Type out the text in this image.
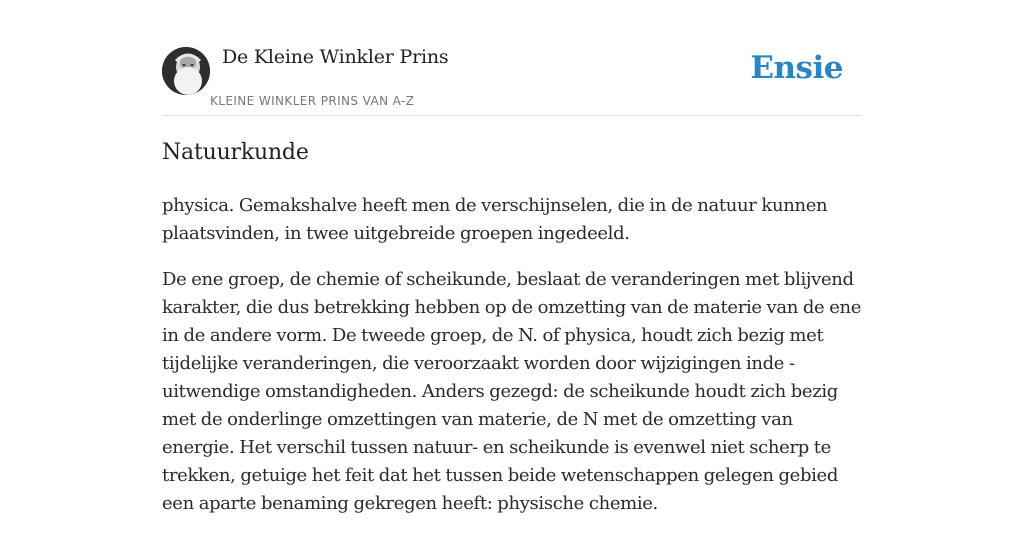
De Kleine Winkler Prins
KLEINE WINKLER PRINS VAN A-Z
Ensie
Natuurkunde

physica. Gemakshalve heeft men de verschijnselen, die in de natuur kunnen plaatsvinden, in twee uitgebreide groepen ingedeeld.

De ene groep, de chemie of scheikunde, beslaat de veranderingen met blijvend karakter, die dus betrekking hebben op de omzetting van de materie van de ene in de andere vorm. De tweede groep, de N. of physica, houdt zich bezig met tijdelijke veranderingen, die veroorzaakt worden door wijzigingen inde - uitwendige omstandigheden. Anders gezegd: de scheikunde houdt zich bezig met de onderlinge omzettingen van materie, de N met de omzetting van energie. Het verschil tussen natuur- en scheikunde is evenwel niet scherp te trekken, getuige het feit dat het tussen beide wetenschappen gelegen gebied een aparte benaming gekregen heeft: physische chemie.
